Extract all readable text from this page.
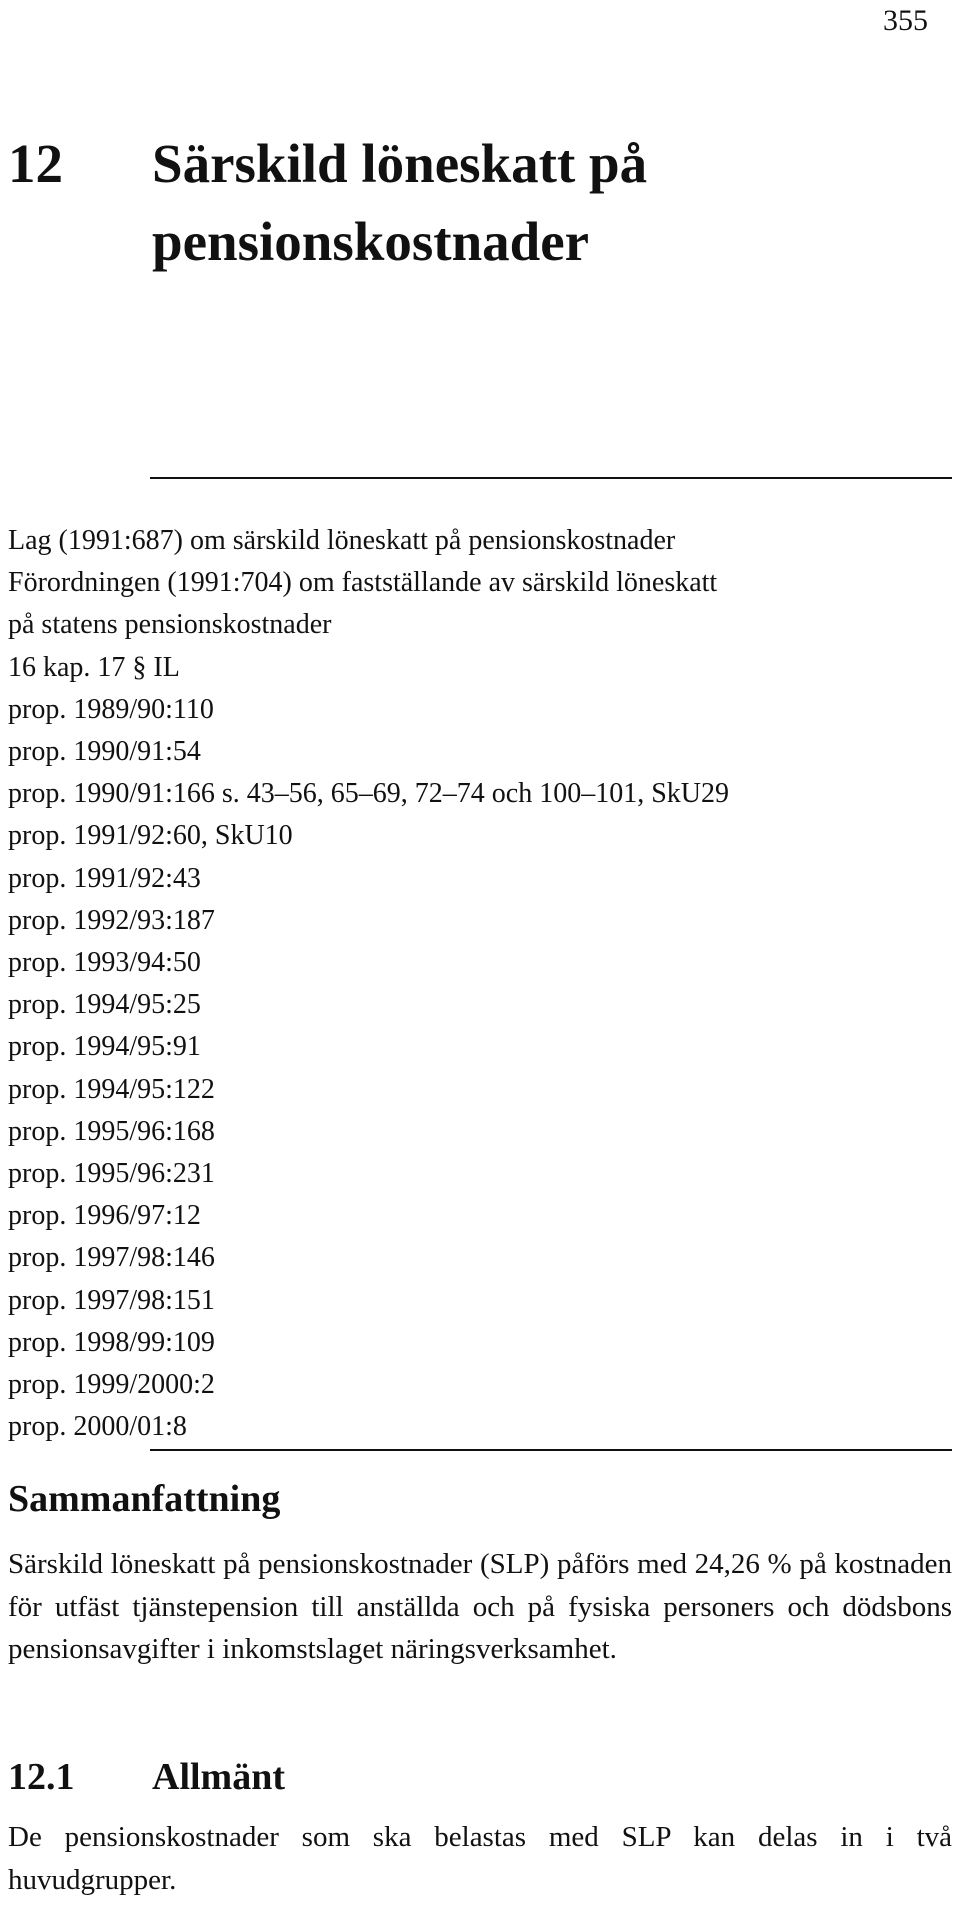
355
12	Särskild löneskatt på pensionskostnader
Lag (1991:687) om särskild löneskatt på pensionskostnader
Förordningen (1991:704) om fastställande av särskild löneskatt
på statens pensionskostnader
16 kap. 17 § IL
prop. 1989/90:110
prop. 1990/91:54
prop. 1990/91:166 s. 43–56, 65–69, 72–74 och 100–101, SkU29
prop. 1991/92:60, SkU10
prop. 1991/92:43
prop. 1992/93:187
prop. 1993/94:50
prop. 1994/95:25
prop. 1994/95:91
prop. 1994/95:122
prop. 1995/96:168
prop. 1995/96:231
prop. 1996/97:12
prop. 1997/98:146
prop. 1997/98:151
prop. 1998/99:109
prop. 1999/2000:2
prop. 2000/01:8
Sammanfattning

Särskild löneskatt på pensionskostnader (SLP) påförs med 24,26 % på kostnaden för utfäst tjänstepension till anställda och på fysiska personers och dödsbons pensionsavgifter i inkomstslaget näringsverksamhet.

12.1	Allmänt

De pensionskostnader som ska belastas med SLP kan delas in i två huvudgrupper.
